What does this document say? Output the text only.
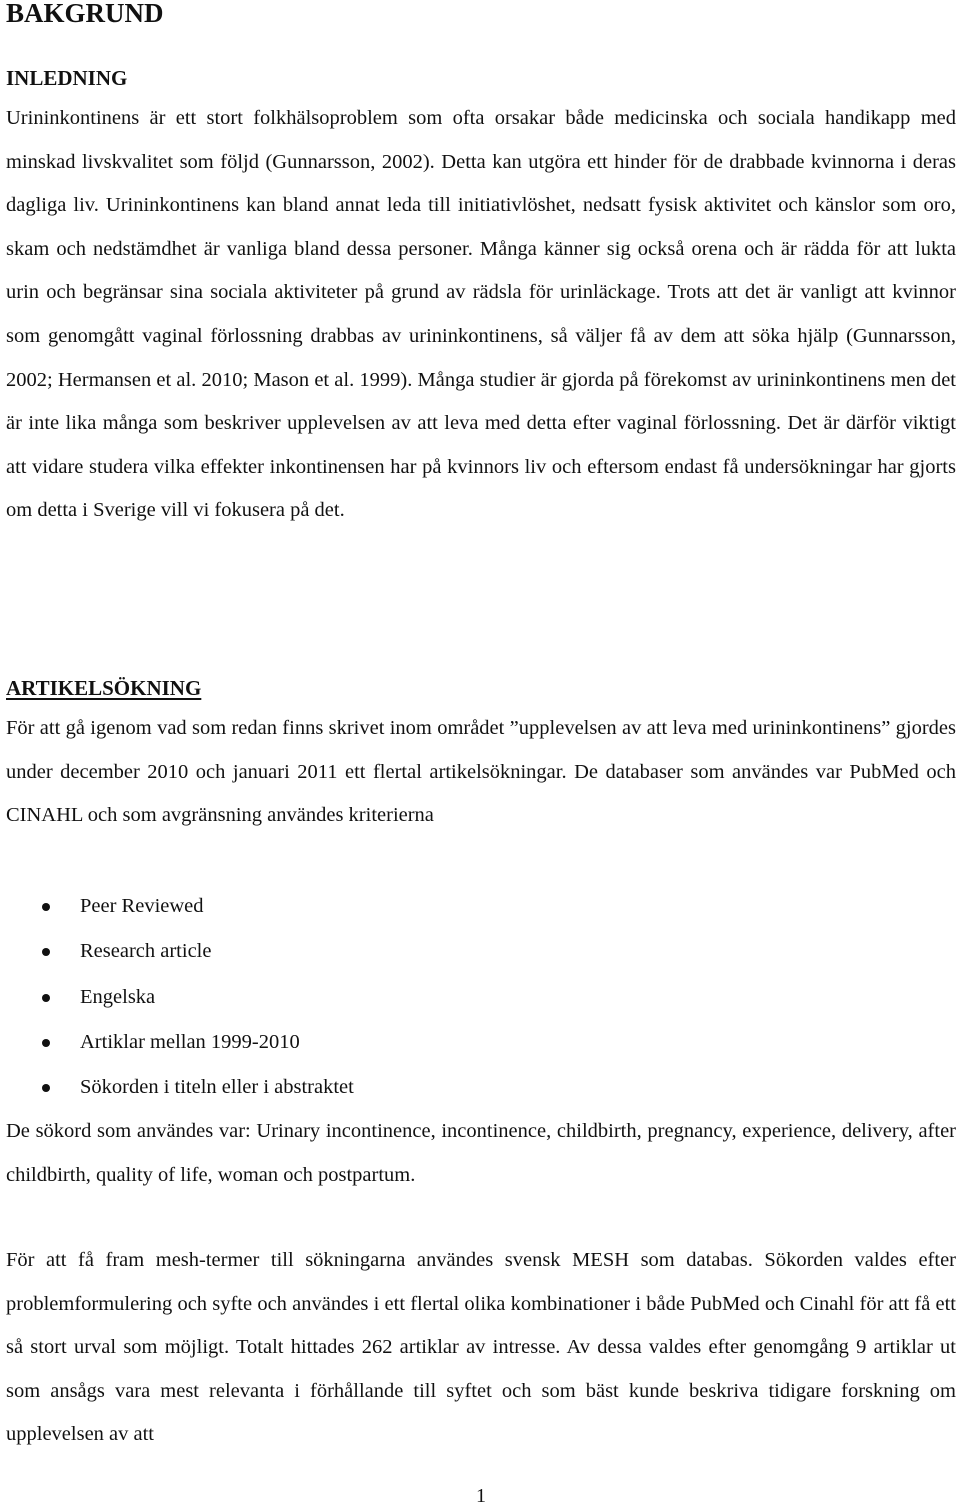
BAKGRUND
INLEDNING

Urininkontinens är ett stort folkhälsoproblem som ofta orsakar både medicinska och sociala handikapp med minskad livskvalitet som följd (Gunnarsson, 2002). Detta kan utgöra ett hinder för de drabbade kvinnorna i deras dagliga liv. Urininkontinens kan bland annat leda till initiativlöshet, nedsatt fysisk aktivitet och känslor som oro, skam och nedstämdhet är vanliga bland dessa personer. Många känner sig också orena och är rädda för att lukta urin och begränsar sina sociala aktiviteter på grund av rädsla för urinläckage. Trots att det är vanligt att kvinnor som genomgått vaginal förlossning drabbas av urininkontinens, så väljer få av dem att söka hjälp (Gunnarsson, 2002; Hermansen et al. 2010; Mason et al. 1999). Många studier är gjorda på förekomst av urininkontinens men det är inte lika många som beskriver upplevelsen av att leva med detta efter vaginal förlossning. Det är därför viktigt att vidare studera vilka effekter inkontinensen har på kvinnors liv och eftersom endast få undersökningar har gjorts om detta i Sverige vill vi fokusera på det.

ARTIKELSÖKNING

För att gå igenom vad som redan finns skrivet inom området ”upplevelsen av att leva med urininkontinens” gjordes under december 2010 och januari 2011 ett flertal artikelsökningar. De databaser som användes var PubMed och CINAHL och som avgränsning användes kriterierna

Peer Reviewed
Research article
Engelska
Artiklar mellan 1999-2010
Sökorden i titeln eller i abstraktet

De sökord som användes var: Urinary incontinence, incontinence, childbirth, pregnancy, experience, delivery, after childbirth, quality of life, woman och postpartum.

För att få fram mesh-termer till sökningarna användes svensk MESH som databas. Sökorden valdes efter problemformulering och syfte och användes i ett flertal olika kombinationer i både PubMed och Cinahl för att få ett så stort urval som möjligt. Totalt hittades 262 artiklar av intresse. Av dessa valdes efter genomgång 9 artiklar ut som ansågs vara mest relevanta i förhållande till syftet och som bäst kunde beskriva tidigare forskning om upplevelsen av att

1
